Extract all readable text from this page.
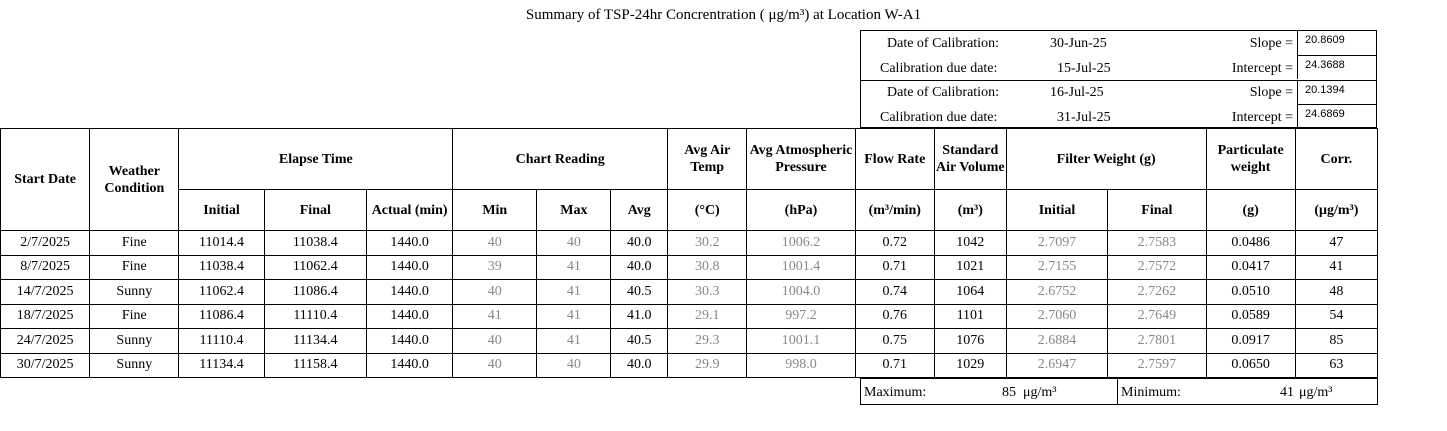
Summary of TSP-24hr Concrentration ( μg/m³) at Location W-A1
Date of Calibration:	30-Jun-25	Slope =	20.8609
Calibration due date:	15-Jul-25	Intercept =	24.3688
Date of Calibration:	16-Jul-25	Slope =	20.1394
Calibration due date:	31-Jul-25	Intercept =	24.6869
Start Date	Weather Condition	Elapse Time			Chart Reading			Avg Air Temp	Avg Atmospheric Pressure	Flow Rate	Standard Air Volume	Filter Weight (g)		Particulate weight	Corr.
		Initial	Final	Actual (min)	Min	Max	Avg	(°C)	(hPa)	(m³/min)	(m³)	Initial	Final	(g)	(μg/m³)
2/7/2025	Fine	11014.4	11038.4	1440.0	40	40	40.0	30.2	1006.2	0.72	1042	2.7097	2.7583	0.0486	47
8/7/2025	Fine	11038.4	11062.4	1440.0	39	41	40.0	30.8	1001.4	0.71	1021	2.7155	2.7572	0.0417	41
14/7/2025	Sunny	11062.4	11086.4	1440.0	40	41	40.5	30.3	1004.0	0.74	1064	2.6752	2.7262	0.0510	48
18/7/2025	Fine	11086.4	11110.4	1440.0	41	41	41.0	29.1	997.2	0.76	1101	2.7060	2.7649	0.0589	54
24/7/2025	Sunny	11110.4	11134.4	1440.0	40	41	40.5	29.3	1001.1	0.75	1076	2.6884	2.7801	0.0917	85
30/7/2025	Sunny	11134.4	11158.4	1440.0	40	40	40.0	29.9	998.0	0.71	1029	2.6947	2.7597	0.0650	63
Maximum:	85 μg/m³	Minimum:	41 μg/m³
